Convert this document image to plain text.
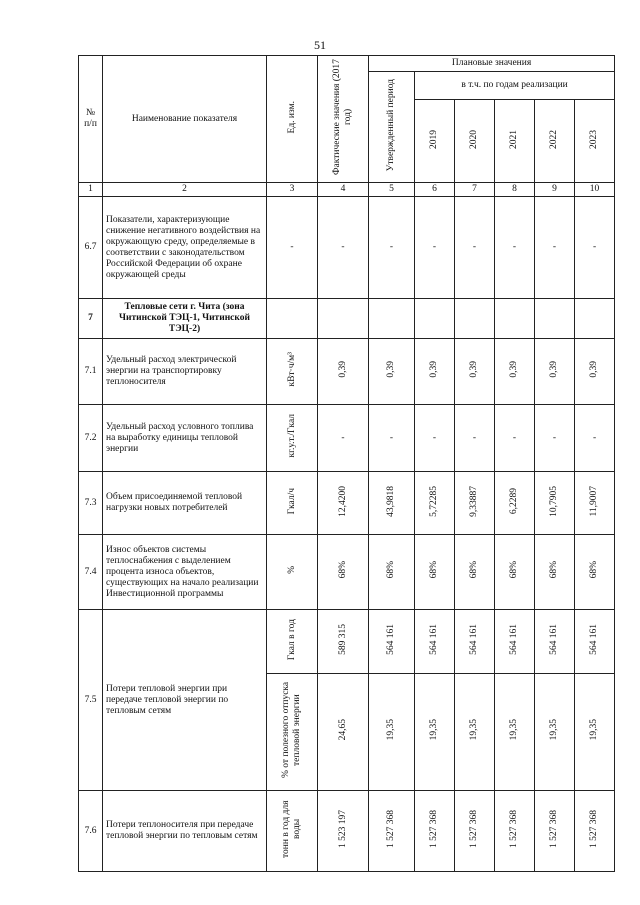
51
№ п/п	Наименование показателя	Ед. изм.	Фактические значения (2017 год)	Плановые значения					
				Утвержденный период	в т.ч. по годам реализации				
					2019	2020	2021	2022	2023
1	2	3	4	5	6	7	8	9	10
6.7	Показатели, характеризующие снижение негативного воздействия на окружающую среду, определяемые в соответствии с законодательством Российской Федерации об охране окружающей среды	-	-	-	-	-	-	-	-
7	Тепловые сети г. Чита (зона Читинской ТЭЦ-1, Читинской ТЭЦ-2)								
7.1	Удельный расход электрической энергии на транспортировку теплоносителя	кВт·ч/м³	0,39	0,39	0,39	0,39	0,39	0,39	0,39
7.2	Удельный расход условного топлива на выработку единицы тепловой энергии	кг.у.т./Гкал	-	-	-	-	-	-	-
7.3	Объем присоединяемой тепловой нагрузки новых потребителей	Гкал/ч	12,4200	43,9818	5,72285	9,33887	6,2289	10,7905	11,9007
7.4	Износ объектов системы теплоснабжения с выделением процента износа объектов, существующих на начало реализации Инвестиционной программы	%	68%	68%	68%	68%	68%	68%	68%
7.5	Потери тепловой энергии при передаче тепловой энергии по тепловым сетям	Гкал в год	589 315	564 161	564 161	564 161	564 161	564 161	564 161
		% от полезного отпуска тепловой энергии	24,65	19,35	19,35	19,35	19,35	19,35	19,35
7.6	Потери теплоносителя при передаче тепловой энергии по тепловым сетям	тонн в год для воды	1 523 197	1 527 368	1 527 368	1 527 368	1 527 368	1 527 368	1 527 368
